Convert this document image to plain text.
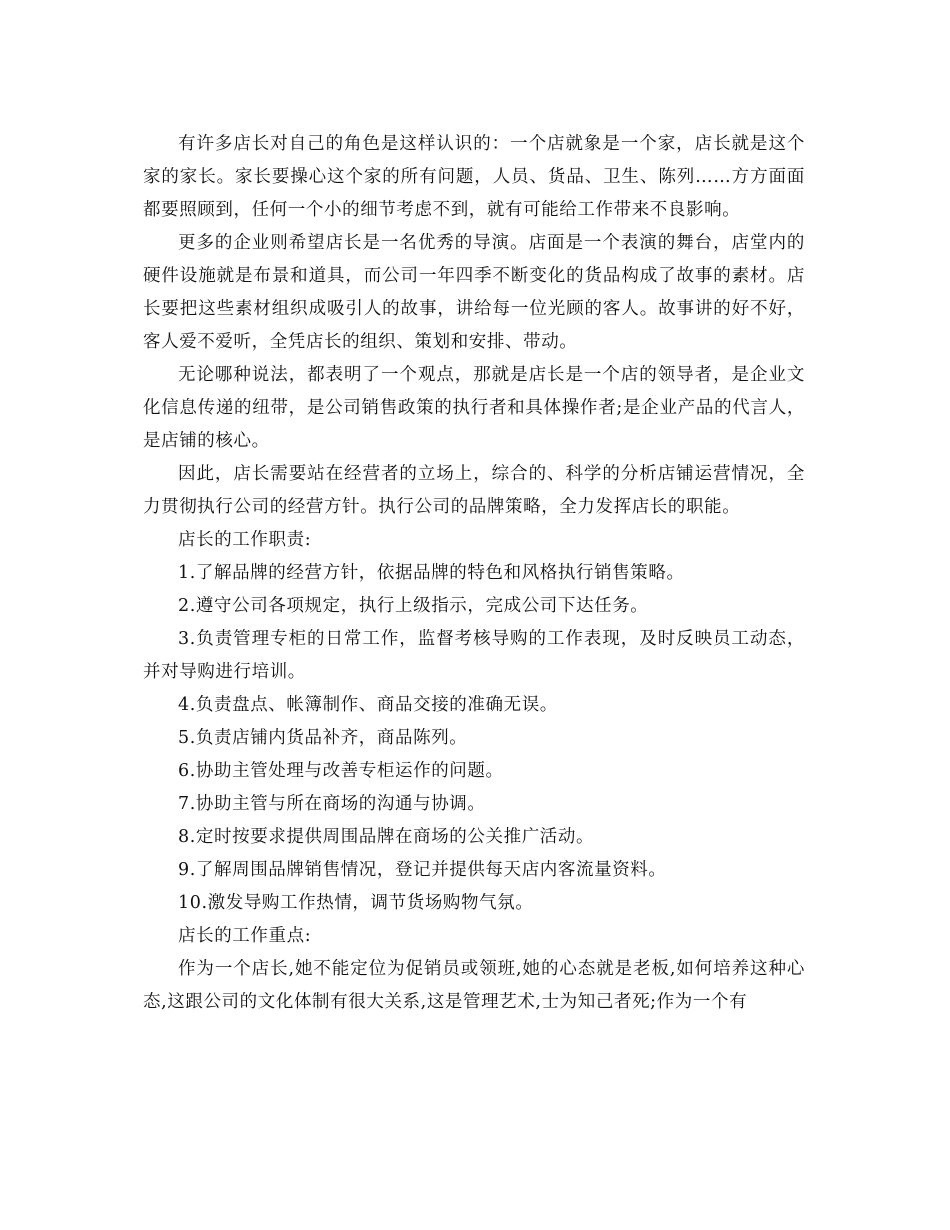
有许多店长对自己的角色是这样认识的：一个店就象是一个家，店长就是这个家的家长。家长要操心这个家的所有问题，人员、货品、卫生、陈列……方方面面都要照顾到，任何一个小的细节考虑不到，就有可能给工作带来不良影响。

更多的企业则希望店长是一名优秀的导演。店面是一个表演的舞台，店堂内的硬件设施就是布景和道具，而公司一年四季不断变化的货品构成了故事的素材。店长要把这些素材组织成吸引人的故事，讲给每一位光顾的客人。故事讲的好不好，客人爱不爱听，全凭店长的组织、策划和安排、带动。

无论哪种说法，都表明了一个观点，那就是店长是一个店的领导者，是企业文化信息传递的纽带，是公司销售政策的执行者和具体操作者;是企业产品的代言人，是店铺的核心。

因此，店长需要站在经营者的立场上，综合的、科学的分析店铺运营情况，全力贯彻执行公司的经营方针。执行公司的品牌策略，全力发挥店长的职能。

店长的工作职责:

1.了解品牌的经营方针，依据品牌的特色和风格执行销售策略。

2.遵守公司各项规定，执行上级指示，完成公司下达任务。

3.负责管理专柜的日常工作，监督考核导购的工作表现，及时反映员工动态，并对导购进行培训。

4.负责盘点、帐簿制作、商品交接的准确无误。

5.负责店铺内货品补齐，商品陈列。

6.协助主管处理与改善专柜运作的问题。

7.协助主管与所在商场的沟通与协调。

8.定时按要求提供周围品牌在商场的公关推广活动。

9.了解周围品牌销售情况，登记并提供每天店内客流量资料。

10.激发导购工作热情，调节货场购物气氛。

店长的工作重点:

作为一个店长,她不能定位为促销员或领班,她的心态就是老板,如何培养这种心态,这跟公司的文化体制有很大关系,这是管理艺术,士为知己者死;作为一个有
